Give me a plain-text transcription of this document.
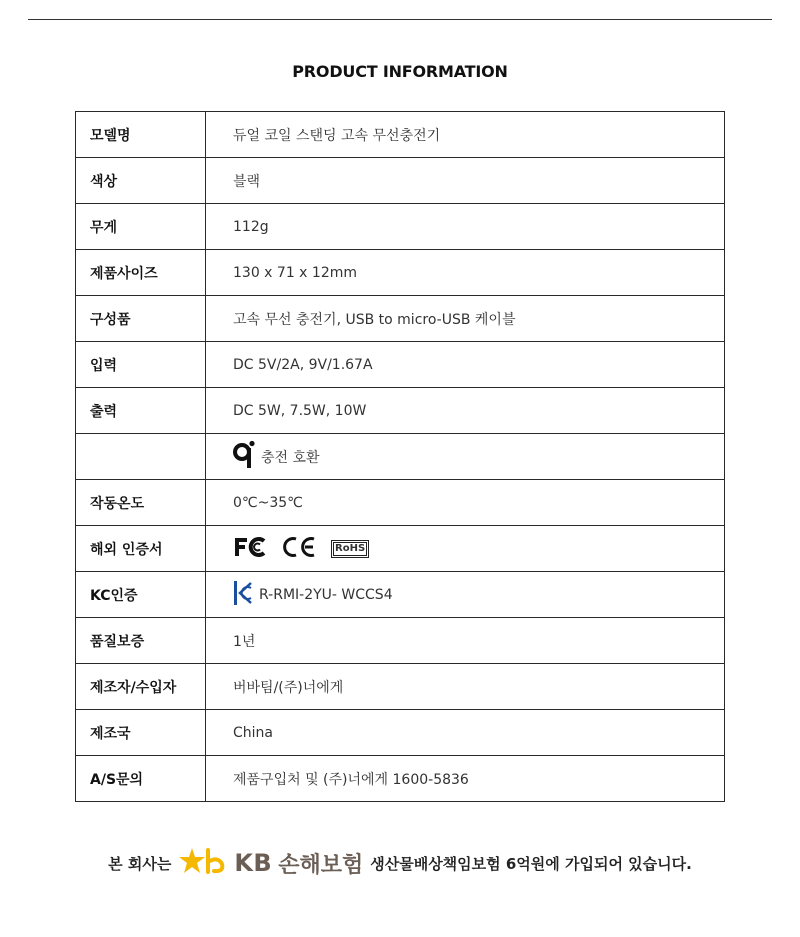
PRODUCT INFORMATION
모델명	듀얼 코일 스탠딩 고속 무선충전기
색상	블랙
무게	112g
제품사이즈	130 x 71 x 12mm
구성품	고속 무선 충전기, USB to micro-USB 케이블
입력	DC 5V/2A, 9V/1.67A
출력	DC 5W, 7.5W, 10W

	충전 호환

작동온도	0℃~35℃
해외 인증서	RoHS

KC인증	R-RMI-2YU- WCCS4

품질보증	1년
제조자/수입자	버바팀/(주)너에게
제조국	China
A/S문의	제품구입처 및 (주)너에게 1600-5836
본 회사는	KB 손해보험 생산물배상책임보험 6억원에 가입되어 있습니다.
